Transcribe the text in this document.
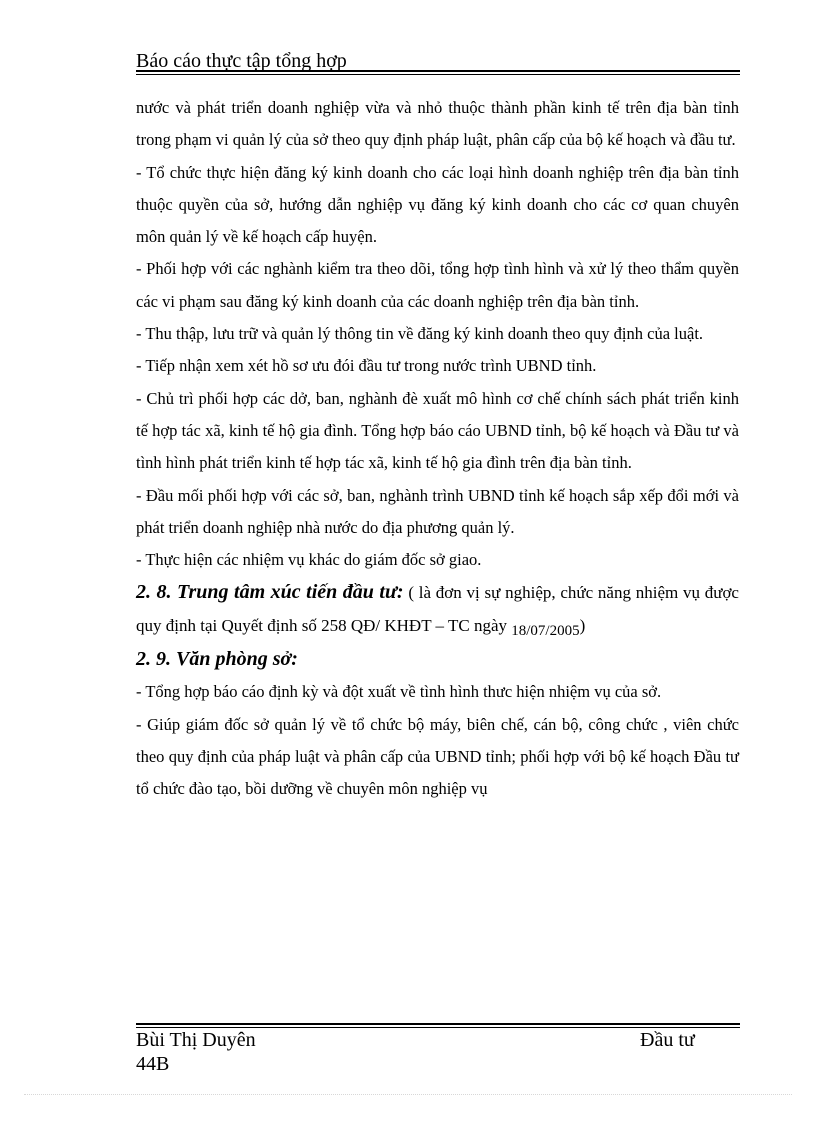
Báo cáo thực tập tổng hợp

nước và phát triển doanh nghiệp vừa và nhỏ thuộc thành phần kinh tế trên địa bàn tỉnh trong phạm vi quản lý của sở theo quy định pháp luật, phân cấp của bộ kế hoạch và đầu tư.

- Tổ chức thực hiện đăng ký kinh doanh cho các loại hình doanh nghiệp trên địa bàn tỉnh thuộc quyền của sở, hướng dẫn nghiệp vụ đăng ký kinh doanh cho các cơ quan chuyên môn quản lý về kế hoạch cấp huyện.

- Phối hợp với các nghành kiểm tra theo dõi, tổng hợp tình hình và xử lý theo thẩm quyền các vi phạm sau đăng ký kinh doanh của các doanh nghiệp trên địa bàn tỉnh.

- Thu thập, lưu trữ và quản lý thông tin về đăng ký kinh doanh theo quy định của luật.

- Tiếp nhận xem xét hồ sơ ưu đói đầu tư trong nước trình UBND tỉnh.

- Chủ trì phối hợp các dở, ban, nghành đè xuất mô hình cơ chế chính sách phát triển kinh tế hợp tác xã, kinh tế hộ gia đình. Tổng hợp báo cáo UBND tỉnh, bộ kế hoạch và Đầu tư và tình hình phát triển kinh tế hợp tác xã, kinh tế hộ gia đình trên địa bàn tỉnh.

- Đầu mối phối hợp với các sở, ban, nghành trình UBND tỉnh kế hoạch sắp xếp đổi mới và phát triển doanh nghiệp nhà nước do địa phương quản lý.

- Thực hiện các nhiệm vụ khác do giám đốc sở giao.

2. 8. Trung tâm xúc tiến đầu tư: ( là đơn vị sự nghiệp, chức năng nhiệm vụ được quy định tại Quyết định số 258 QĐ/ KHĐT – TC ngày 18/07/2005)

2. 9. Văn phòng sở:

- Tổng hợp báo cáo định kỳ và đột xuất về tình hình thưc hiện nhiệm vụ của sở.

- Giúp giám đốc sở quản lý về tổ chức bộ máy, biên chế, cán bộ, công chức , viên chức theo quy định của pháp luật và phân cấp của UBND tỉnh; phối hợp với bộ kế hoạch Đầu tư tổ chức đào tạo, bồi dưỡng về chuyên môn nghiệp vụ

Bùi Thị Duyên
44B
Đầu tư
